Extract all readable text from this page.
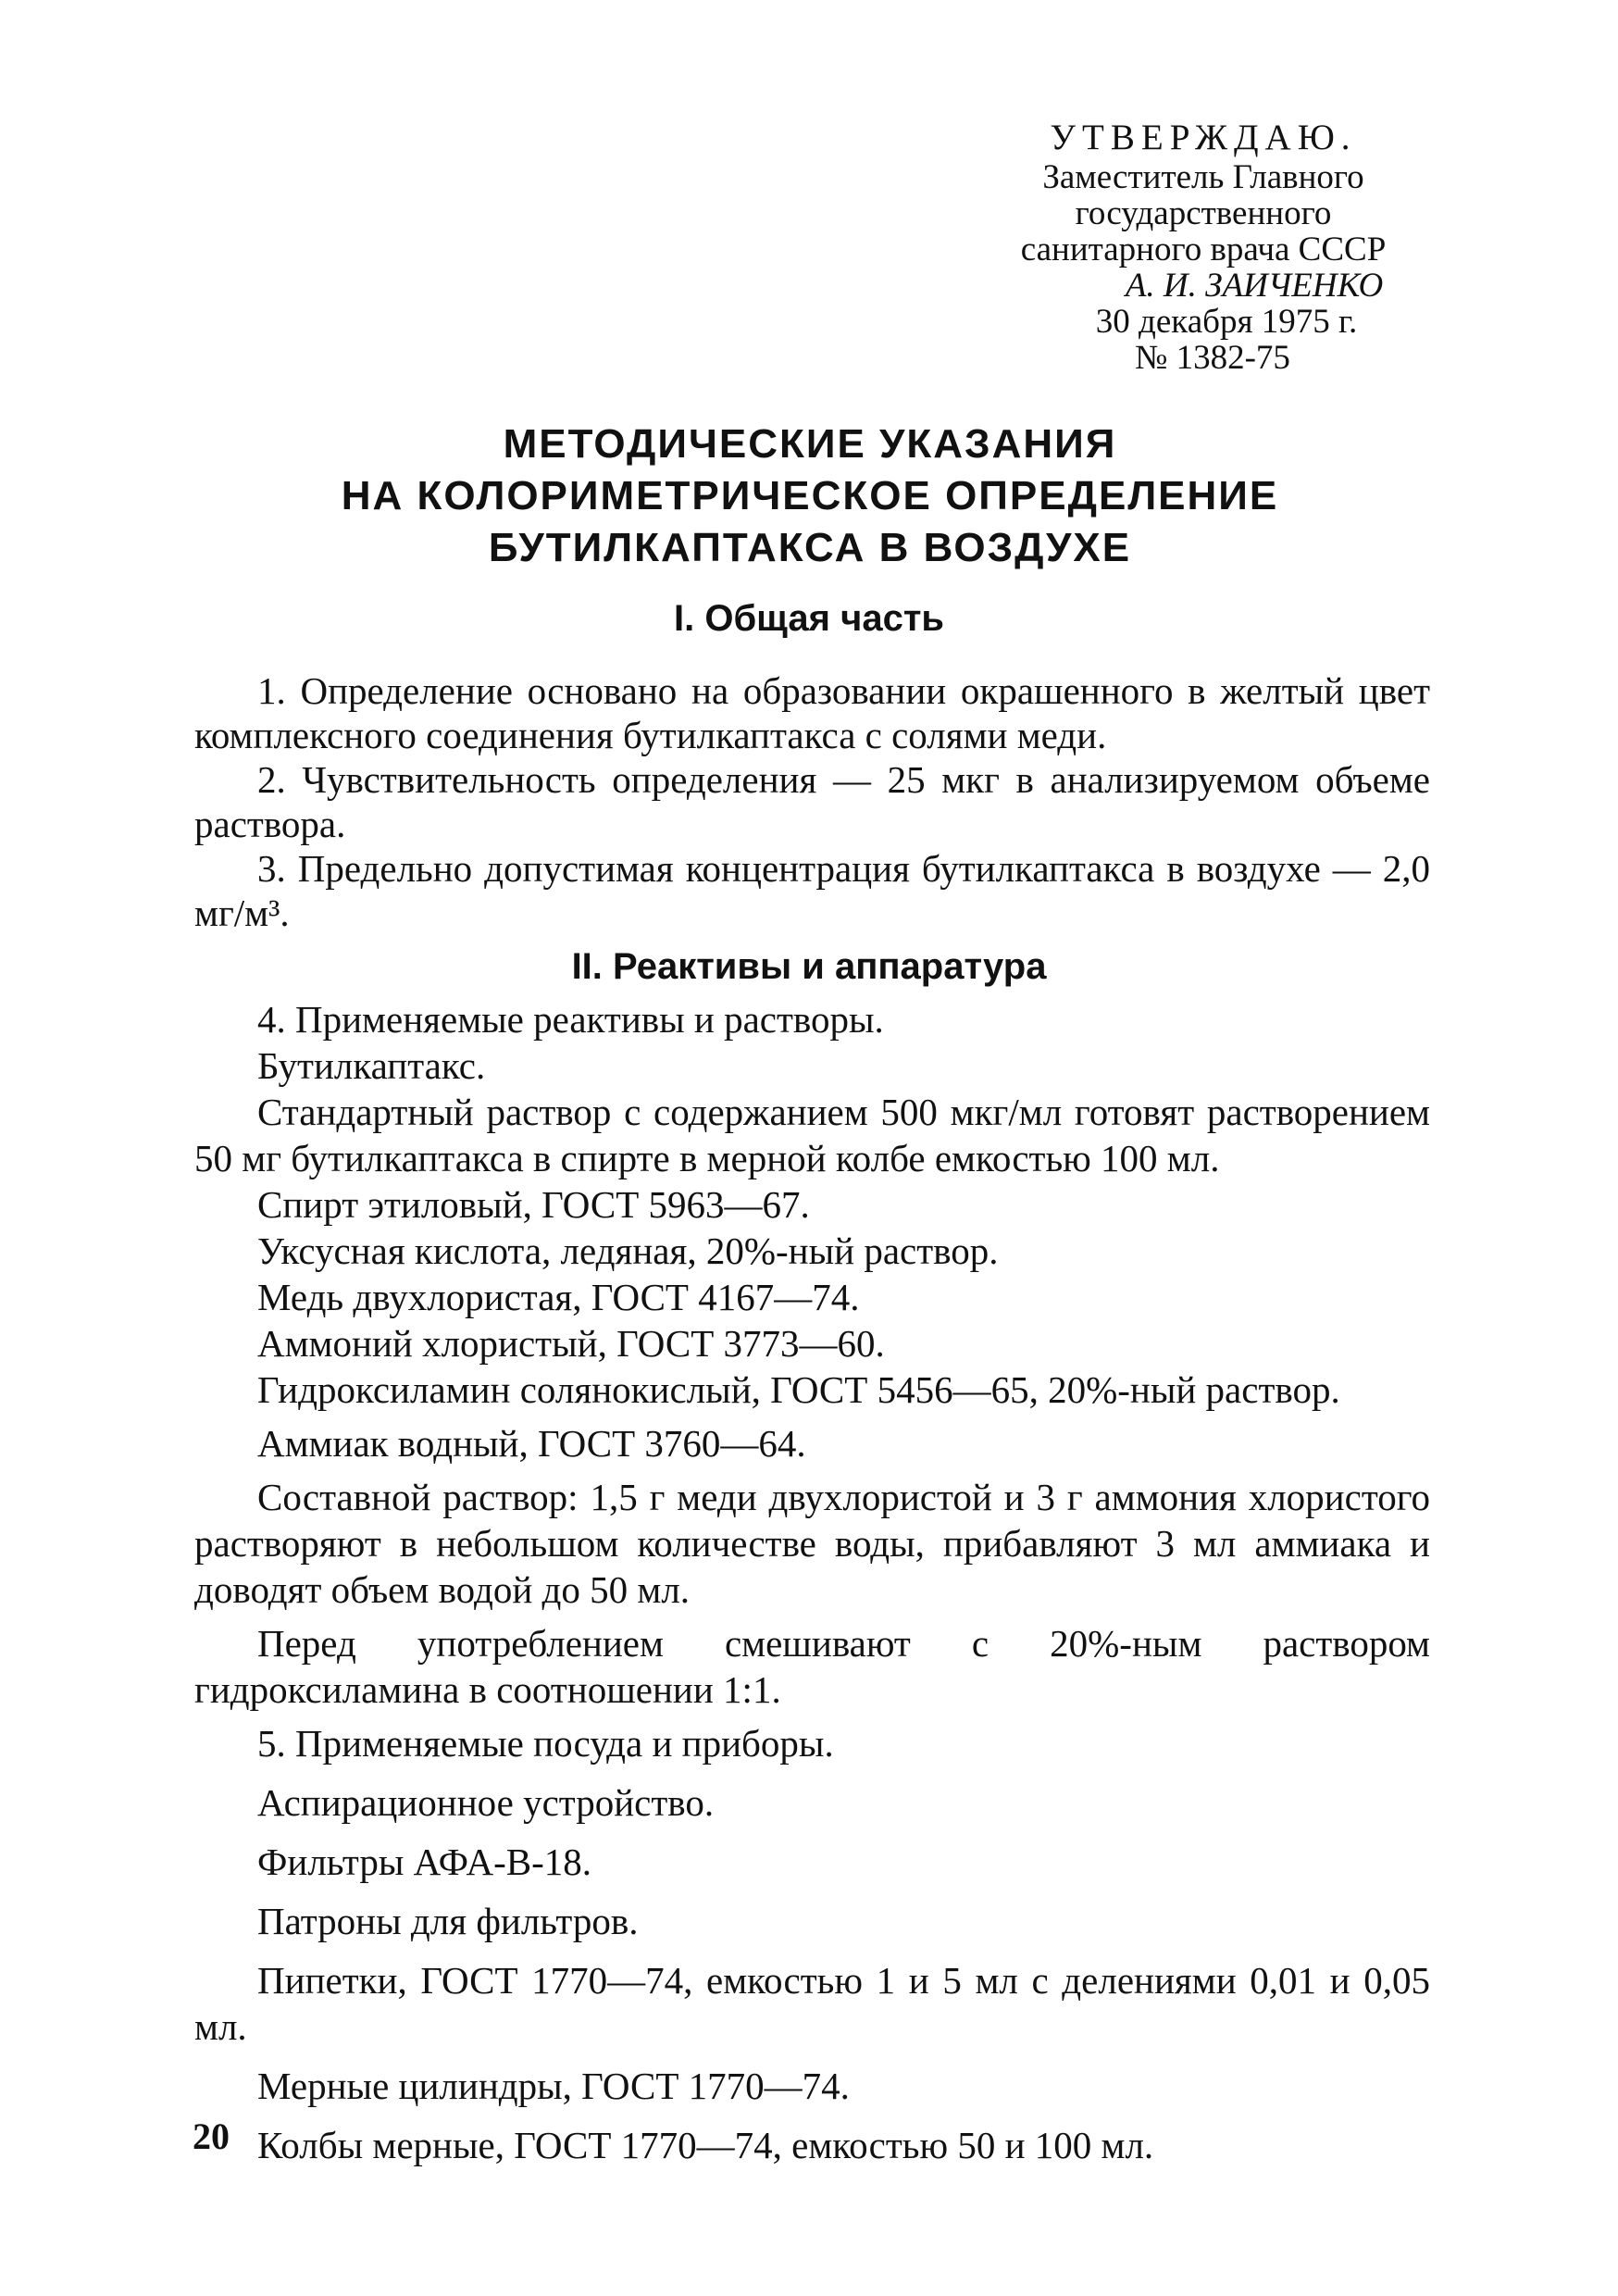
УТВЕРЖДАЮ.
Заместитель Главного
государственного
санитарного врача СССР
А. И. ЗАИЧЕНКО
30 декабря 1975 г.
№ 1382-75
МЕТОДИЧЕСКИЕ УКАЗАНИЯ
НА КОЛОРИМЕТРИЧЕСКОЕ ОПРЕДЕЛЕНИЕ
БУТИЛКАПТАКСА В ВОЗДУХЕ
I. Общая часть

1. Определение основано на образовании окрашенного в желтый цвет комплексного соединения бутилкаптакса с солями меди.

2. Чувствительность определения — 25 мкг в анализируемом объеме раствора.

3. Предельно допустимая концентрация бутилкаптакса в воздухе — 2,0 мг/м³.

II. Реактивы и аппаратура

4. Применяемые реактивы и растворы.

Бутилкаптакс.

Стандартный раствор с содержанием 500 мкг/мл готовят растворением 50 мг бутилкаптакса в спирте в мерной колбе емкостью 100 мл.

Спирт этиловый, ГОСТ 5963—67.

Уксусная кислота, ледяная, 20%-ный раствор.

Медь двухлористая, ГОСТ 4167—74.

Аммоний хлористый, ГОСТ 3773—60.

Гидроксиламин солянокислый, ГОСТ 5456—65, 20%-ный раствор.

Аммиак водный, ГОСТ 3760—64.

Составной раствор: 1,5 г меди двухлористой и 3 г аммония хлористого растворяют в небольшом количестве воды, прибавляют 3 мл аммиака и доводят объем водой до 50 мл.

Перед употреблением смешивают с 20%-ным раствором гидроксиламина в соотношении 1:1.

5. Применяемые посуда и приборы.

Аспирационное устройство.

Фильтры АФА-В-18.

Патроны для фильтров.

Пипетки, ГОСТ 1770—74, емкостью 1 и 5 мл с делениями 0,01 и 0,05 мл.

Мерные цилиндры, ГОСТ 1770—74.

Колбы мерные, ГОСТ 1770—74, емкостью 50 и 100 мл.

20
